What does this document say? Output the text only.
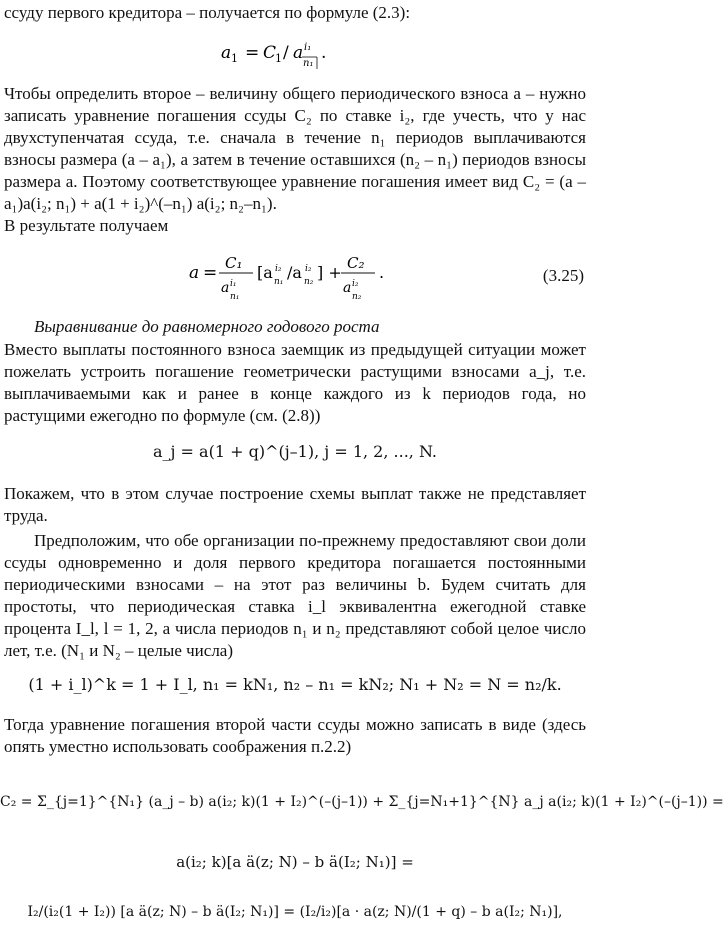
ссуду первого кредитора – получается по формуле (2.3):

a 1 = C
1 / a i₁
n₁
.

Чтобы определить второе – величину общего периодического взноса a – нужно записать уравнение погашения ссуды C₂ по ставке i₂, где учесть, что у нас двухступенчатая ссуда, т.е. сначала в течение n₁ периодов выплачиваются взносы размера (a – a₁), а затем в течение оставшихся (n₂ – n₁) периодов взносы размера a. Поэтому соответствующее уравнение погашения имеет вид C₂ = (a – a₁)a(i₂; n₁) + a(1 + i₂)^(–n₁) a(i₂; n₂–n₁).

В результате получаем

a = C₁
a i₁
n₁
[a i₂
n₁ /a i₂
n₂ ] + C₂
a i₂
n₂
.	(3.25)

Выравнивание до равномерного годового роста

Вместо выплаты постоянного взноса заемщик из предыдущей ситуации может пожелать устроить погашение геометрически растущими взносами a_j, т.е. выплачиваемыми как и ранее в конце каждого из k периодов года, но растущими ежегодно по формуле (см. (2.8))

a_j = a(1 + q)^(j–1), j = 1, 2, ..., N.

Покажем, что в этом случае построение схемы выплат также не представляет труда.

Предположим, что обе организации по-прежнему предоставляют свои доли ссуды одновременно и доля первого кредитора погашается постоянными периодическими взносами – на этот раз величины b. Будем считать для простоты, что периодическая ставка i_l эквивалентна ежегодной ставке процента I_l, l = 1, 2, а числа периодов n₁ и n₂ представляют собой целое число лет, т.е. (N₁ и N₂ – целые числа)

(1 + i_l)^k = 1 + I_l, n₁ = kN₁, n₂ – n₁ = kN₂; N₁ + N₂ = N = n₂/k.

Тогда уравнение погашения второй части ссуды можно записать в виде (здесь опять уместно использовать соображения п.2.2)

C₂ = Σ_{j=1}^{N₁} (a_j – b) a(i₂; k)(1 + I₂)^(–(j–1)) + Σ_{j=N₁+1}^{N} a_j a(i₂; k)(1 + I₂)^(–(j–1)) =

a(i₂; k)[a ä(z; N) – b ä(I₂; N₁)] =

I₂/(i₂(1 + I₂)) [a ä(z; N) – b ä(I₂; N₁)] = (I₂/i₂)[a · a(z; N)/(1 + q) – b a(I₂; N₁)],
